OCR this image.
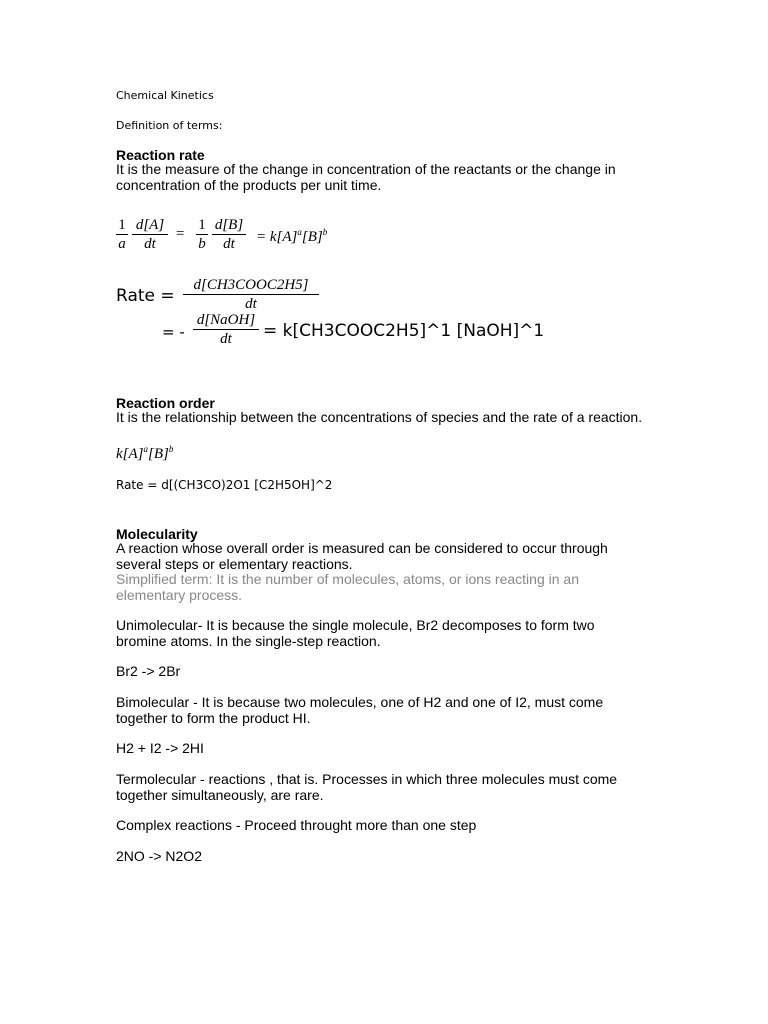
Chemical Kinetics
Definition of terms:
Reaction rate
It is the measure of the change in concentration of the reactants or the change in concentration of the products per unit time.
1
a
d[A]
dt
=
1
b
d[B]
dt	= $k[A]^a[B]^b$
Rate =
d[CH3COOC2H5]
dt
= -
d[NaOH]
dt	= k[CH3COOC2H5]^1 [NaOH]^1
Reaction order
It is the relationship between the concentrations of species and the rate of a reaction.
$k[A]^a[B]^b$
Rate = d[(CH3CO)2O1 [C2H5OH]^2
Molecularity
A reaction whose overall order is measured can be considered to occur through several steps or elementary reactions.
Simplified term: It is the number of molecules, atoms, or ions reacting in an elementary process.
Unimolecular- It is because the single molecule, Br2 decomposes to form two bromine atoms. In the single-step reaction.
Br2 -> 2Br
Bimolecular - It is because two molecules, one of H2 and one of I2, must come together to form the product HI.
H2 + I2 -> 2HI
Termolecular - reactions , that is. Processes in which three molecules must come together simultaneously, are rare.
Complex reactions - Proceed throught more than one step
2NO -> N2O2
